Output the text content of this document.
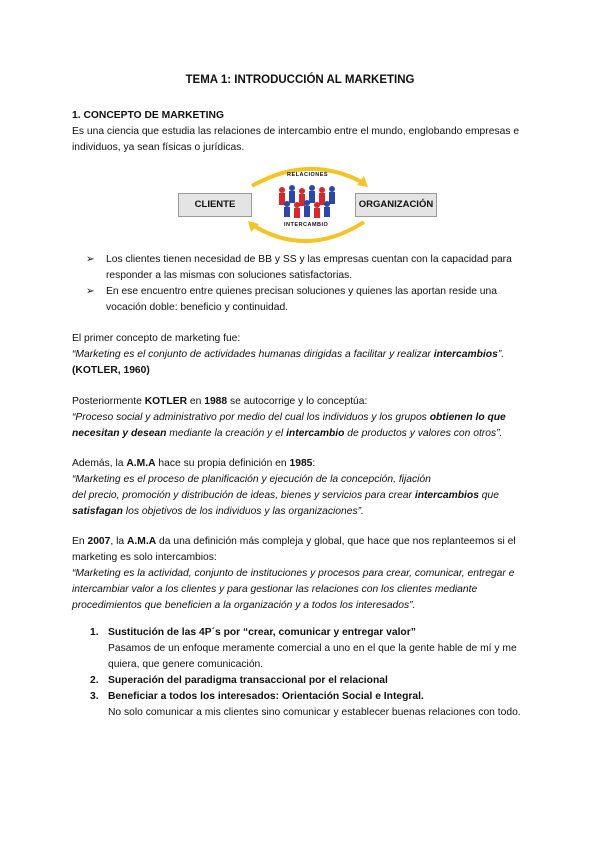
TEMA 1: INTRODUCCIÓN AL MARKETING
1. CONCEPTO DE MARKETING
Es una ciencia que estudia las relaciones de intercambio entre el mundo, englobando empresas e
individuos, ya sean físicas o jurídicas.
RELACIONES
INTERCAMBIO
CLIENTE	ORGANIZACIÓN
➢ Los clientes tienen necesidad de BB y SS y las empresas cuentan con la capacidad para
responder a las mismas con soluciones satisfactorias.
➢ En ese encuentro entre quienes precisan soluciones y quienes las aportan reside una
vocación doble: beneficio y continuidad.
El primer concepto de marketing fue:
“Marketing es el conjunto de actividades humanas dirigidas a facilitar y realizar intercambios”.
(KOTLER, 1960)
Posteriormente KOTLER en 1988 se autocorrige y lo conceptúa:
“Proceso social y administrativo por medio del cual los individuos y los grupos obtienen lo que
necesitan y desean mediante la creación y el intercambio de productos y valores con otros”.
Además, la A.M.A hace su propia definición en 1985:
“Marketing es el proceso de planificación y ejecución de la concepción, fijación
del precio, promoción y distribución de ideas, bienes y servicios para crear intercambios que
satisfagan los objetivos de los individuos y las organizaciones”.
En 2007, la A.M.A da una definición más compleja y global, que hace que nos replanteemos si el
marketing es solo intercambios:
“Marketing es la actividad, conjunto de instituciones y procesos para crear, comunicar, entregar e
intercambiar valor a los clientes y para gestionar las relaciones con los clientes mediante
procedimientos que beneficien a la organización y a todos los interesados”.
1. Sustitución de las 4P´s por “crear, comunicar y entregar valor”
Pasamos de un enfoque meramente comercial a uno en el que la gente hable de mí y me
quiera, que genere comunicación.
2. Superación del paradigma transaccional por el relacional
3. Beneficiar a todos los interesados: Orientación Social e Integral.
No solo comunicar a mis clientes sino comunicar y establecer buenas relaciones con todo.
